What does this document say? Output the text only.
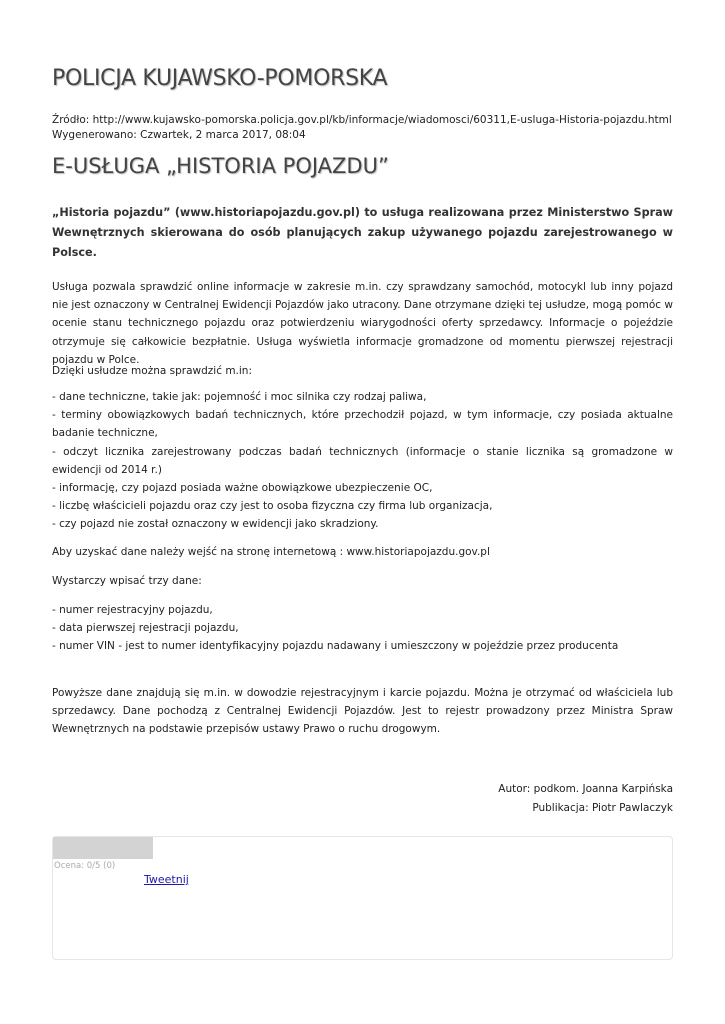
POLICJA KUJAWSKO-POMORSKA
Źródło: http://www.kujawsko-pomorska.policja.gov.pl/kb/informacje/wiadomosci/60311,E-usluga-Historia-pojazdu.html
Wygenerowano: Czwartek, 2 marca 2017, 08:04
E-USŁUGA „HISTORIA POJAZDU”

„Historia pojazdu” (www.historiapojazdu.gov.pl) to usługa realizowana przez Ministerstwo Spraw Wewnętrznych skierowana do osób planujących zakup używanego pojazdu zarejestrowanego w Polsce.

Usługa pozwala sprawdzić online informacje w zakresie m.in. czy sprawdzany samochód, motocykl lub inny pojazd nie jest oznaczony w Centralnej Ewidencji Pojazdów jako utracony. Dane otrzymane dzięki tej usłudze, mogą pomóc w ocenie stanu technicznego pojazdu oraz potwierdzeniu wiarygodności oferty sprzedawcy. Informacje o pojeździe otrzymuje się całkowicie bezpłatnie. Usługa wyświetla informacje gromadzone od momentu pierwszej rejestracji pojazdu w Polce.

Dzięki usłudze można sprawdzić m.in:

- dane techniczne, takie jak: pojemność i moc silnika czy rodzaj paliwa,
- terminy obowiązkowych badań technicznych, które przechodził pojazd, w tym informacje, czy posiada aktualne badanie techniczne,
- odczyt licznika zarejestrowany podczas badań technicznych (informacje o stanie licznika są gromadzone w ewidencji od 2014 r.)
- informację, czy pojazd posiada ważne obowiązkowe ubezpieczenie OC,
- liczbę właścicieli pojazdu oraz czy jest to osoba fizyczna czy firma lub organizacja,
- czy pojazd nie został oznaczony w ewidencji jako skradziony.

Aby uzyskać dane należy wejść na stronę internetową : www.historiapojazdu.gov.pl

Wystarczy wpisać trzy dane:

- numer rejestracyjny pojazdu,
- data pierwszej rejestracji pojazdu,
- numer VIN - jest to numer identyfikacyjny pojazdu nadawany i umieszczony w pojeździe przez producenta

Powyższe dane znajdują się m.in. w dowodzie rejestracyjnym i karcie pojazdu. Można je otrzymać od właściciela lub sprzedawcy. Dane pochodzą z Centralnej Ewidencji Pojazdów. Jest to rejestr prowadzony przez Ministra Spraw Wewnętrznych na podstawie przepisów ustawy Prawo o ruchu drogowym.

Autor: podkom. Joanna Karpińska
Publikacja: Piotr Pawlaczyk
Ocena: 0/5 (0)
Tweetnij
